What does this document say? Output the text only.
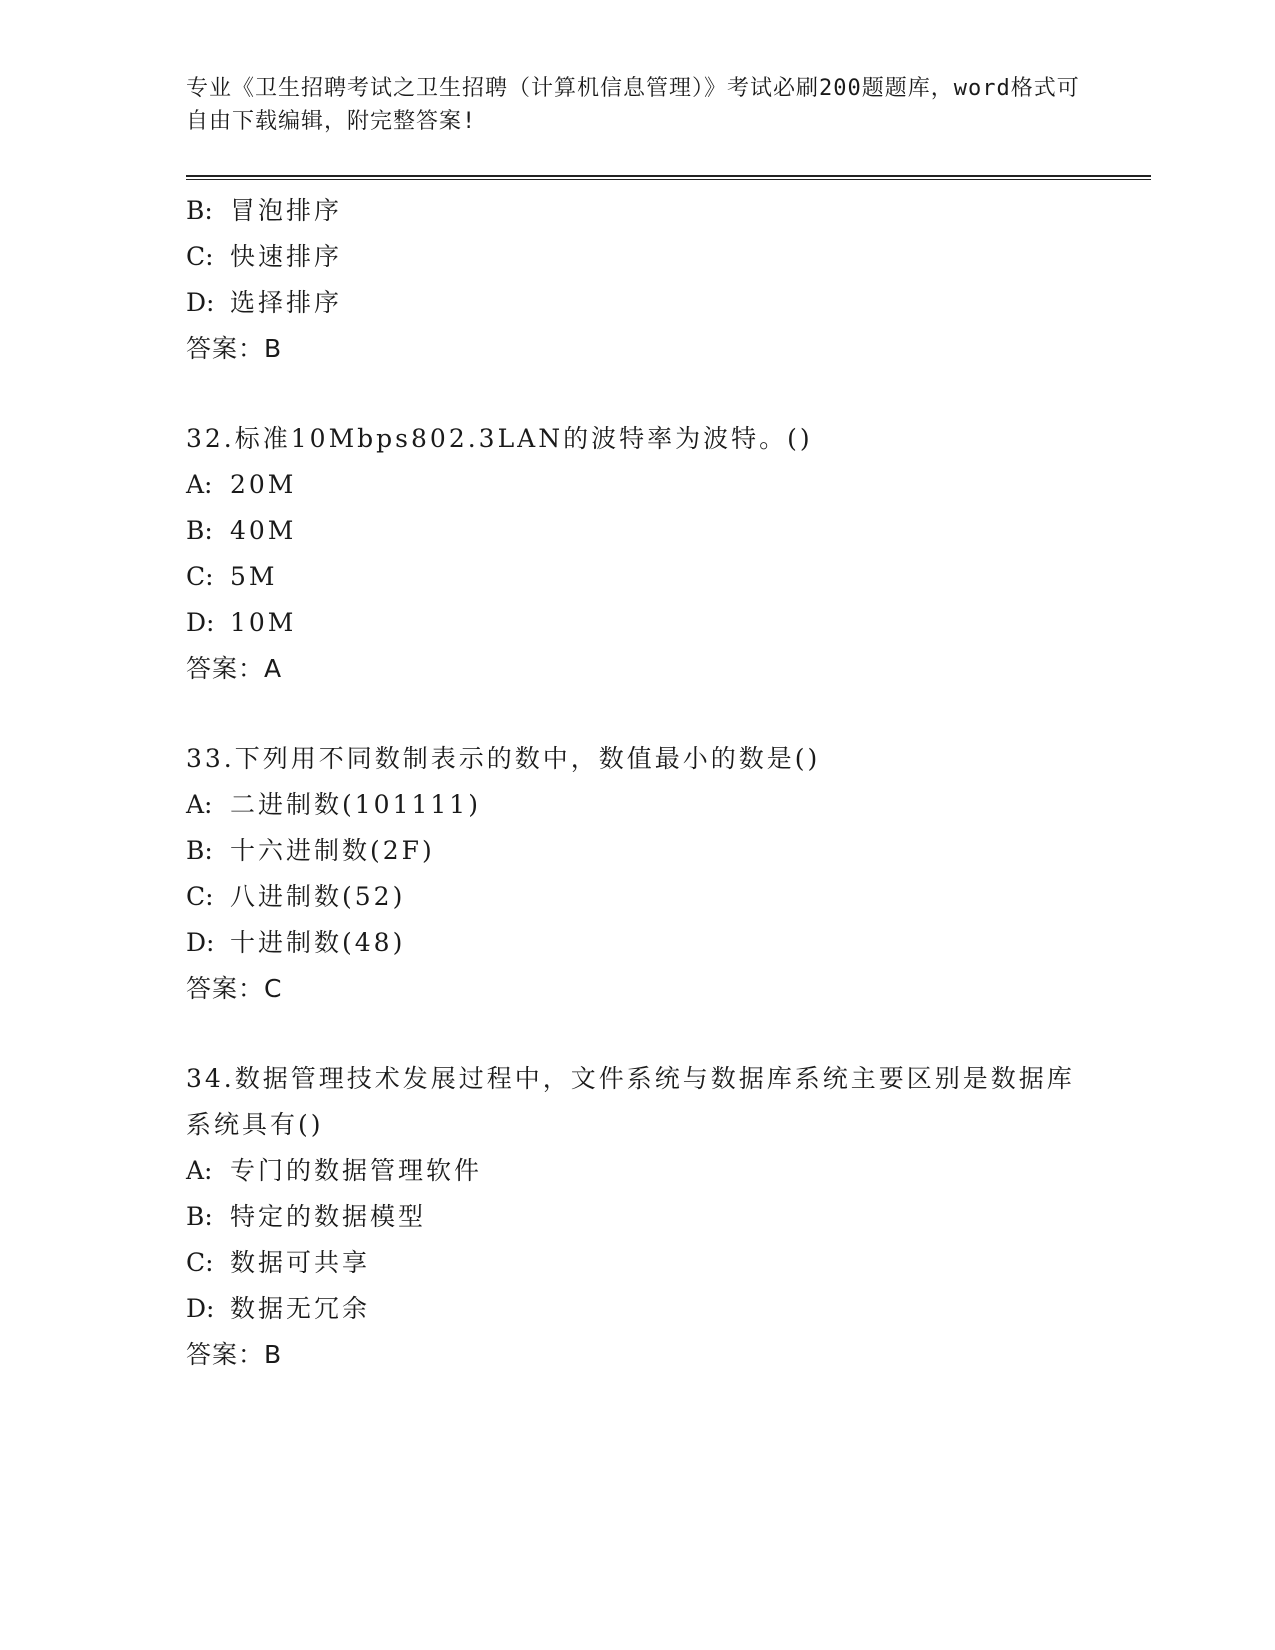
专业《卫生招聘考试之卫生招聘（计算机信息管理）》考试必刷200题题库，word格式可自由下载编辑，附完整答案!
B: 冒泡排序
C: 快速排序
D: 选择排序
答案：B
32.标准10Mbps802.3LAN的波特率为波特。()
A: 20M
B: 40M
C: 5M
D: 10M
答案：A
33.下列用不同数制表示的数中，数值最小的数是()
A: 二进制数(101111)
B: 十六进制数(2F)
C: 八进制数(52)
D: 十进制数(48)
答案：C
34.数据管理技术发展过程中，文件系统与数据库系统主要区别是数据库系统具有()
A: 专门的数据管理软件
B: 特定的数据模型
C: 数据可共享
D: 数据无冗余
答案：B
